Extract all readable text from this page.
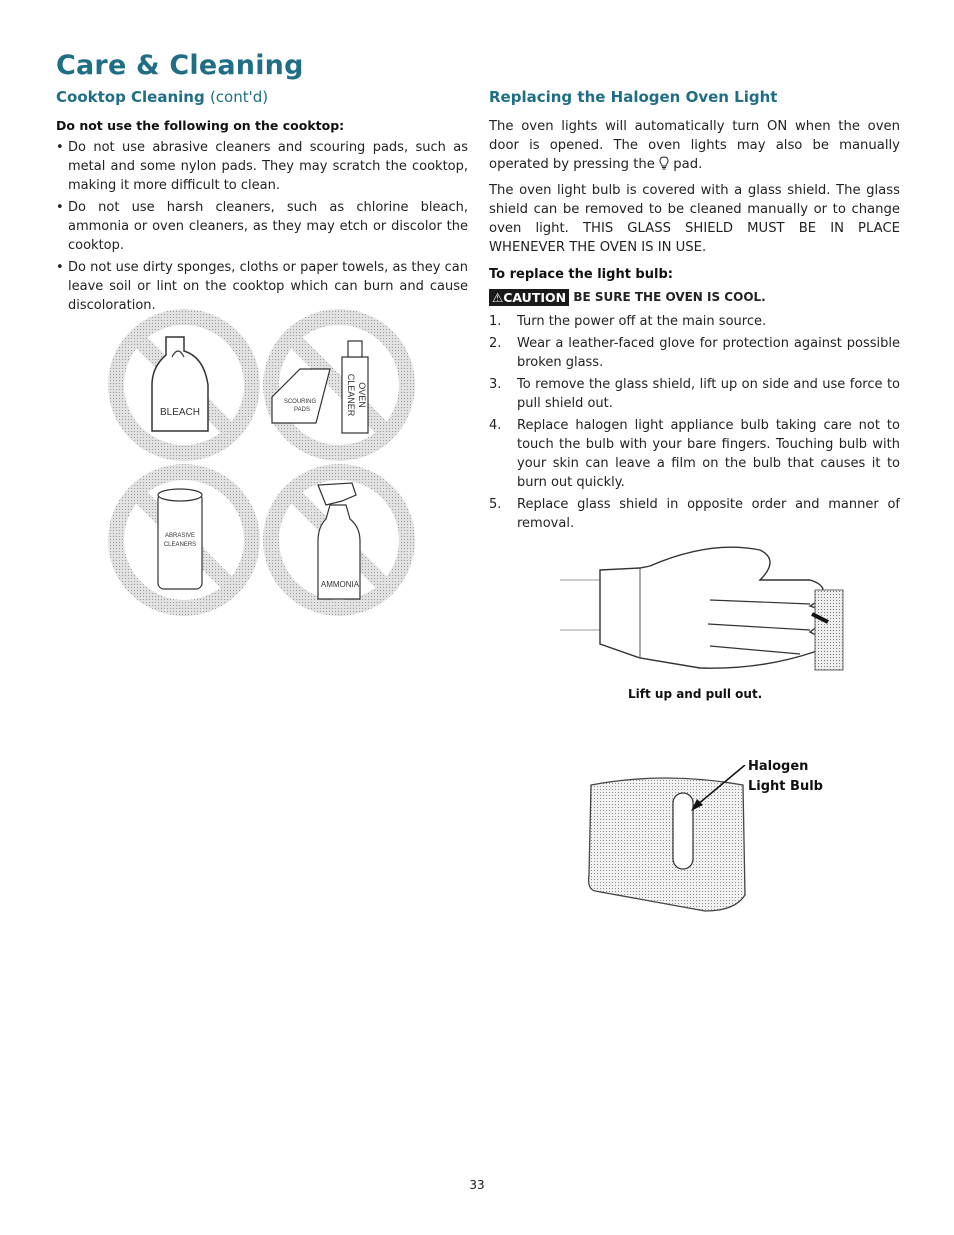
Care & Cleaning
Cooktop Cleaning (cont'd)
Do not use the following on the cooktop:
• Do not use abrasive cleaners and scouring pads, such as metal and some nylon pads. They may scratch the cooktop, making it more difficult to clean.
• Do not use harsh cleaners, such as chlorine bleach, ammonia or oven cleaners, as they may etch or discolor the cooktop.
• Do not use dirty sponges, cloths or paper towels, as they can leave soil or lint on the cooktop which can burn and cause discoloration.
BLEACH
SCOURING
PADS
OVEN
CLEANER
ABRASIVE
CLEANERS
AMMONIA
Replacing the Halogen Oven Light

The oven lights will automatically turn ON when the oven door is opened. The oven lights may also be manually operated by pressing the pad.

The oven light bulb is covered with a glass shield. The glass shield can be removed to be cleaned manually or to change oven light. THIS GLASS SHIELD MUST BE IN PLACE WHENEVER THE OVEN IS IN USE.

To replace the light bulb:
⚠CAUTION BE SURE THE OVEN IS COOL.
1. Turn the power off at the main source.
2. Wear a leather-faced glove for protection against possible broken glass.
3. To remove the glass shield, lift up on side and use force to pull shield out.
4. Replace halogen light appliance bulb taking care not to touch the bulb with your bare fingers. Touching bulb with your skin can leave a film on the bulb that causes it to burn out quickly.
5. Replace glass shield in opposite order and manner of removal.
Lift up and pull out.
Halogen
Light Bulb
33
